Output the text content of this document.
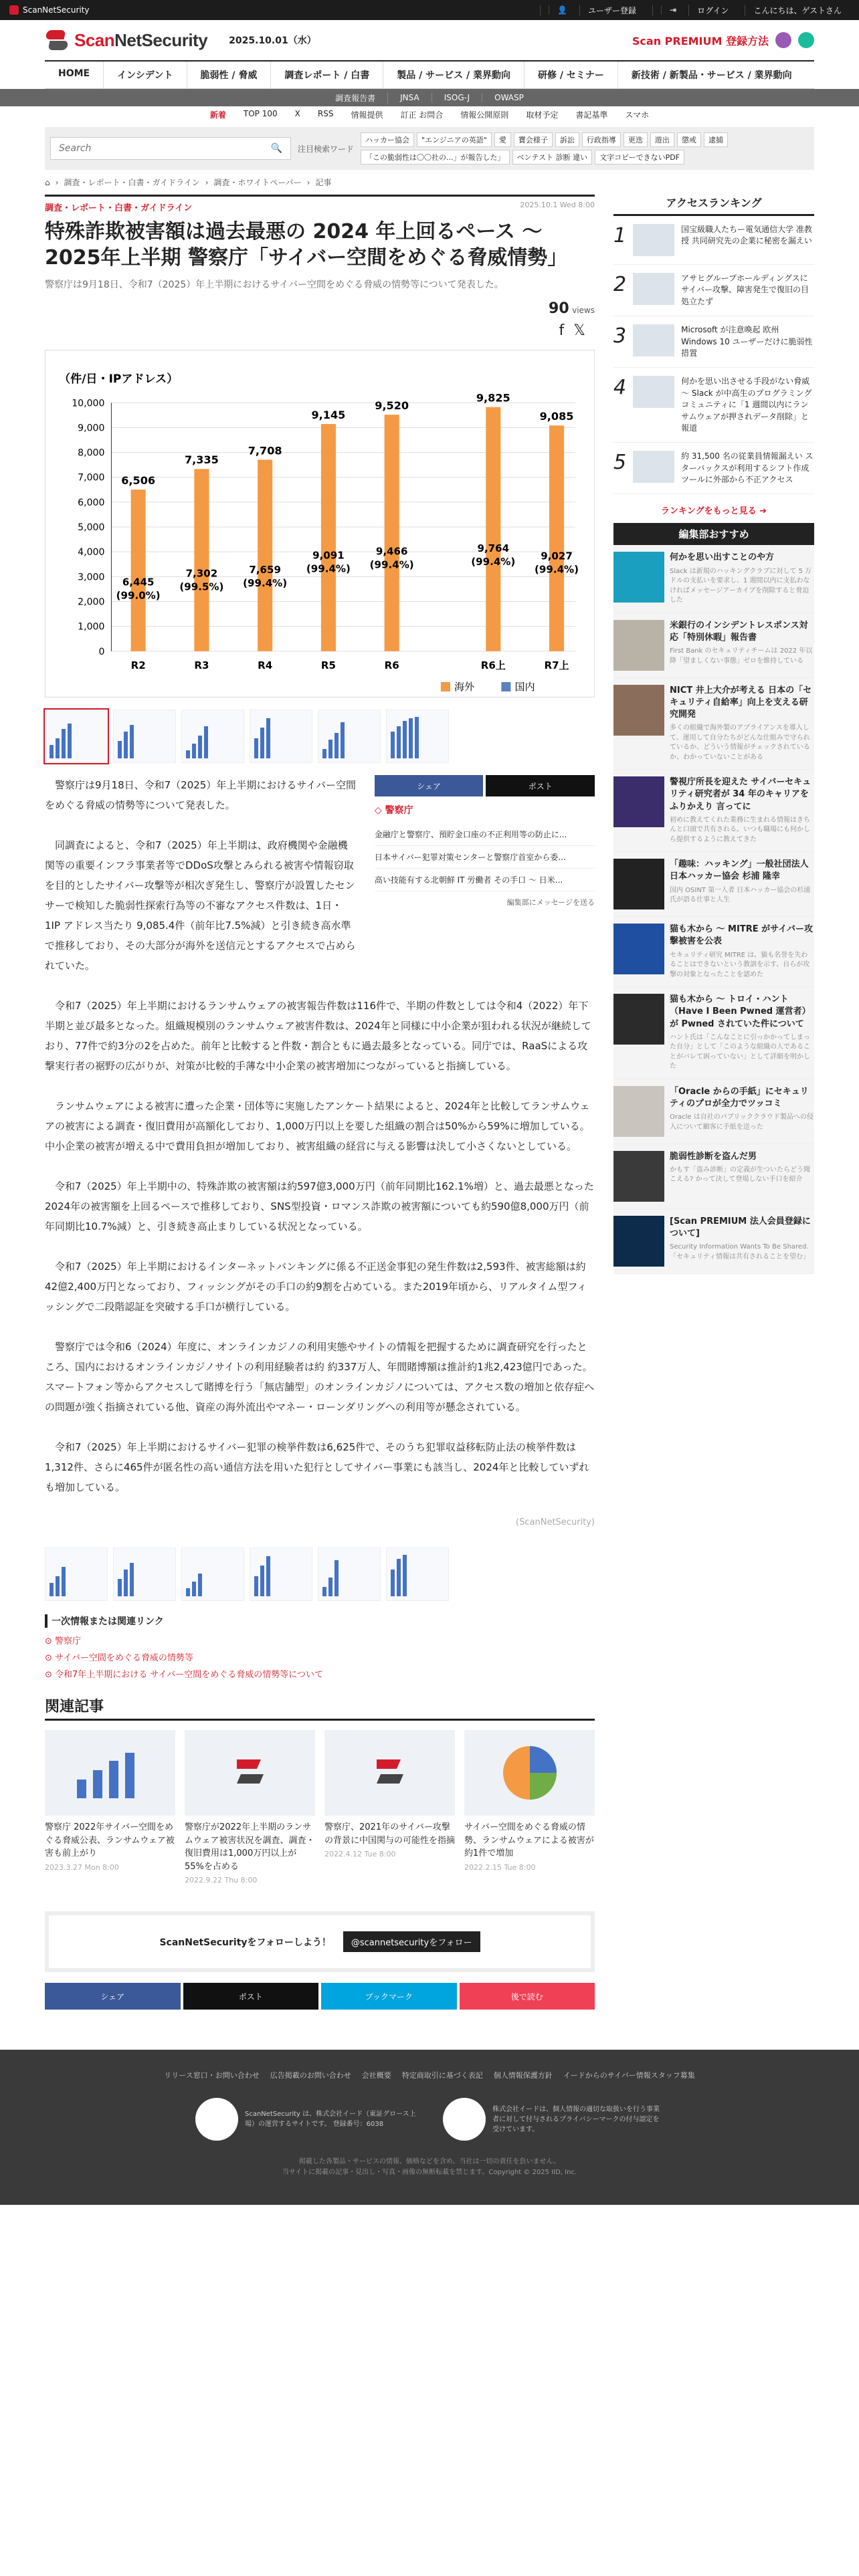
ScanNetSecurity	👤	ユーザー登録	⇥	ログイン	こんにちは、ゲストさん
ScanNetSecurity 2025.10.01（水）	Scan PREMIUM 登録方法
HOME	インシデント	脆弱性 / 脅威	調査レポート / 白書	製品 / サービス / 業界動向	研修 / セミナー	新技術 / 新製品・サービス / 業界動向
調査報告書	JNSA	ISOG-J	OWASP
新着 TOP 100 X RSS 情報提供 訂正 お問合 情報公開原則 取材予定 書記基準 スマホ
Search
🔍 注目検索ワード
ハッカー協会	"エンジニアの英語"	愛	寶会様子	訴訟	行政指導	更迭	遊出	懲戒	逮捕
「この脆弱性は〇〇社の...」が報告した」	ベンテスト 診断 違い	文字コピーできないPDF
⌂ › 調査・レポート・白書・ガイドライン › 調査・ホワイトペーパー › 記事
調査・レポート・白書・ガイドライン	2025.10.1 Wed 8:00
特殊詐欺被害額は過去最悪の 2024 年上回るペース 〜 2025年上半期 警察庁「サイバー空間をめぐる脅威情勢」
警察庁は9月18日、令和7（2025）年上半期におけるサイバー空間をめぐる脅威の情勢等について発表した。
90 views
f𝕏
（件/日・IPアドレス）
0
1,000
2,000
3,000
4,000
5,000
6,000
7,000
8,000
9,000
10,000
6,506
6,445
(99.0%)
R2
7,335
7,302
(99.5%)
R3
7,708
7,659
(99.4%)
R4
9,145
9,091
(99.4%)
R5
9,520
9,466
(99.4%)
R6
9,825
9,764
(99.4%)
R6上
9,085
9,027
(99.4%)
R7上
海外	国内

警察庁は9月18日、令和7（2025）年上半期におけるサイバー空間をめぐる脅威の情勢等について発表した。

同調査によると、令和7（2025）年上半期は、政府機関や金融機関等の重要インフラ事業者等でDDoS攻撃とみられる被害や情報窃取を目的としたサイバー攻撃等が相次ぎ発生し、警察庁が設置したセンサーで検知した脆弱性探索行為等の不審なアクセス件数は、1日・1IP アドレス当たり 9,085.4件（前年比7.5%減）と引き続き高水準で推移しており、その大部分が海外を送信元とするアクセスで占められていた。

シェア	ポスト
◇ 警察庁
金融庁と警察庁、預貯金口座の不正利用等の防止に...
日本サイバー犯罪対策センターと警察庁首室から委...
高い技能有する北朝鮮 IT 労働者 その手口 〜 日米...
編集部にメッセージを送る

令和7（2025）年上半期におけるランサムウェアの被害報告件数は116件で、半期の件数としては令和4（2022）年下半期と並び最多となった。組織規模別のランサムウェア被害件数は、2024年と同様に中小企業が狙われる状況が継続しており、77件で約3分の2を占めた。前年と比較すると件数・割合ともに過去最多となっている。同庁では、RaaSによる攻撃実行者の裾野の広がりが、対策が比較的手薄な中小企業の被害増加につながっていると指摘している。

ランサムウェアによる被害に遭った企業・団体等に実施したアンケート結果によると、2024年と比較してランサムウェアの被害による調査・復旧費用が高額化しており、1,000万円以上を要した組織の割合は50%から59%に増加している。中小企業の被害が増える中で費用負担が増加しており、被害組織の経営に与える影響は決して小さくないとしている。

令和7（2025）年上半期中の、特殊詐欺の被害額は約597億3,000万円（前年同期比162.1%増）と、過去最悪となった2024年の被害額を上回るペースで推移しており、SNS型投資・ロマンス詐欺の被害額についても約590億8,000万円（前年同期比10.7%減）と、引き続き高止まりしている状況となっている。

令和7（2025）年上半期におけるインターネットバンキングに係る不正送金事犯の発生件数は2,593件、被害総額は約42億2,400万円となっており、フィッシングがその手口の約9割を占めている。また2019年頃から、リアルタイム型フィッシングで二段階認証を突破する手口が横行している。

警察庁では令和6（2024）年度に、オンラインカジノの利用実態やサイトの情報を把握するために調査研究を行ったところ、国内におけるオンラインカジノサイトの利用経験者は約 約337万人、年間賭博額は推計約1兆2,423億円であった。スマートフォン等からアクセスして賭博を行う「無店舗型」のオンラインカジノについては、アクセス数の増加と依存症への問題が強く指摘されている他、資産の海外流出やマネー・ローンダリングへの利用等が懸念されている。

令和7（2025）年上半期におけるサイバー犯罪の検挙件数は6,625件で、そのうち犯罪収益移転防止法の検挙件数は1,312件、さらに465件が匿名性の高い通信方法を用いた犯行としてサイバー事業にも該当し、2024年と比較していずれも増加している。

(ScanNetSecurity)
一次情報または関連リンク
⊙ 警察庁
⊙ サイバー空間をめぐる脅威の情勢等
⊙ 令和7年上半期における サイバー空間をめぐる脅威の情勢等について
関連記事
警察庁 2022年サイバー空間をめぐる脅威公表、ランサムウェア被害も前上がり
2023.3.27 Mon 8:00
警察庁が2022年上半期のランサムウェア被害状況を調査、調査・復旧費用は1,000万円以上が55%を占める
2022.9.22 Thu 8:00
警察庁、2021年のサイバー攻撃の背景に中国関与の可能性を指摘
2022.4.12 Tue 8:00
サイバー空間をめぐる脅威の情勢、ランサムウェアによる被害が約1件で増加
2022.2.15 Tue 8:00
ScanNetSecurityをフォローしよう！	@scannetsecurityをフォロー
シェア	ポスト	ブックマーク	後で読む
アクセスランキング
1	国宝級職人たちー電気通信大学 准教授 共同研究先の企業に秘密を漏えい
2	アサヒグループホールディングスにサイバー攻撃、障害発生で復旧の目処立たず
3	Microsoft が注意喚起 欧州 Windows 10 ユーザーだけに脆弱性措置
4	何かを思い出させる手段がない脅威 〜 Slack が中高生のプログラミングコミュニティに「1 週間以内にランサムウェアが押されデータ削除」と報道
5	約 31,500 名の従業員情報漏えい スターバックスが利用するシフト作成ツールに外部から不正アクセス
ランキングをもっと見る ➔
編集部おすすめ
何かを思い出すことのや方
Slack は新規のハッキングクラブに対して 5 万ドルの支払いを要求し、1 週間以内に支払わなければメッセージアーカイブを削除すると脅迫した
米銀行のインシデントレスポンス対応「特別休暇」報告書
First Bank のセキュリティチームは 2022 年以降「望ましくない事態」ゼロを維持している
NICT 井上大介が考える 日本の「セキュリティ自給率」向上を支える研究開発
多くの組織で海外製のアプライアンスを導入して、運用して自分たちがどんな仕組みで守られているか、どういう情報がチェックされているか、わかっていないことがある
警視庁所長を迎えた サイバーセキュリティ研究者が 34 年のキャリアをふりかえり 言ってに
初めに教えてくれた業務に生まれる情報はきちんと口頭で共有される。いつも職場にも何かしら提供するように教えてきた
「趣味：ハッキング」一般社団法人日本ハッカー協会 杉浦 隆幸
国内 OSINT 第一人者 日本ハッカー協会の杉浦氏が語る仕事と人生
猫も木から 〜 MITRE がサイバー攻撃被害を公表
セキュリティ研究 MITRE は、猫も名誉を失わることはできないという教訓を示す、自らが攻撃の対象となったことを認めた
猫も木から 〜 トロイ・ハント（Have I Been Pwned 運営者）が Pwned されていた件について
ハント氏は「こんなことに引っかかってしまった自分」として「このような組織の人であることがバレて困っていない」として詳細を明かした
「Oracle からの手紙」にセキュリティのプロが全力でツッコミ
Oracle は自社のパブリッククラウド製品への侵入について顧客に手紙を送った
脆弱性診断を盗んだ男
かもす「盗み診断」の定義が生ついたらどう聞こえる? かって決して登場しない手口を紹介
[Scan PREMIUM 法人会員登録について]
Security Information Wants To Be Shared.「セキュリティ情報は共有されることを望む」
リリース窓口・お問い合わせ 広告掲載のお問い合わせ 会社概要 特定商取引に基づく表記 個人情報保護方針 イードからのサイバー情報スタッフ募集
ScanNetSecurity は、株式会社イード（東証グロース上場）の運営するサイトです。 登録番号：6038
株式会社イードは、個人情報の適切な取扱いを行う事業者に対して付与されるプライバシーマークの付与認定を受けています。
掲載した各製品・サービスの情報、価格などを含め、当社は一切の責任を負いません。
当サイトに掲載の記事・見出し・写真・画像の無断転載を禁じます。Copyright © 2025 IID, Inc.
